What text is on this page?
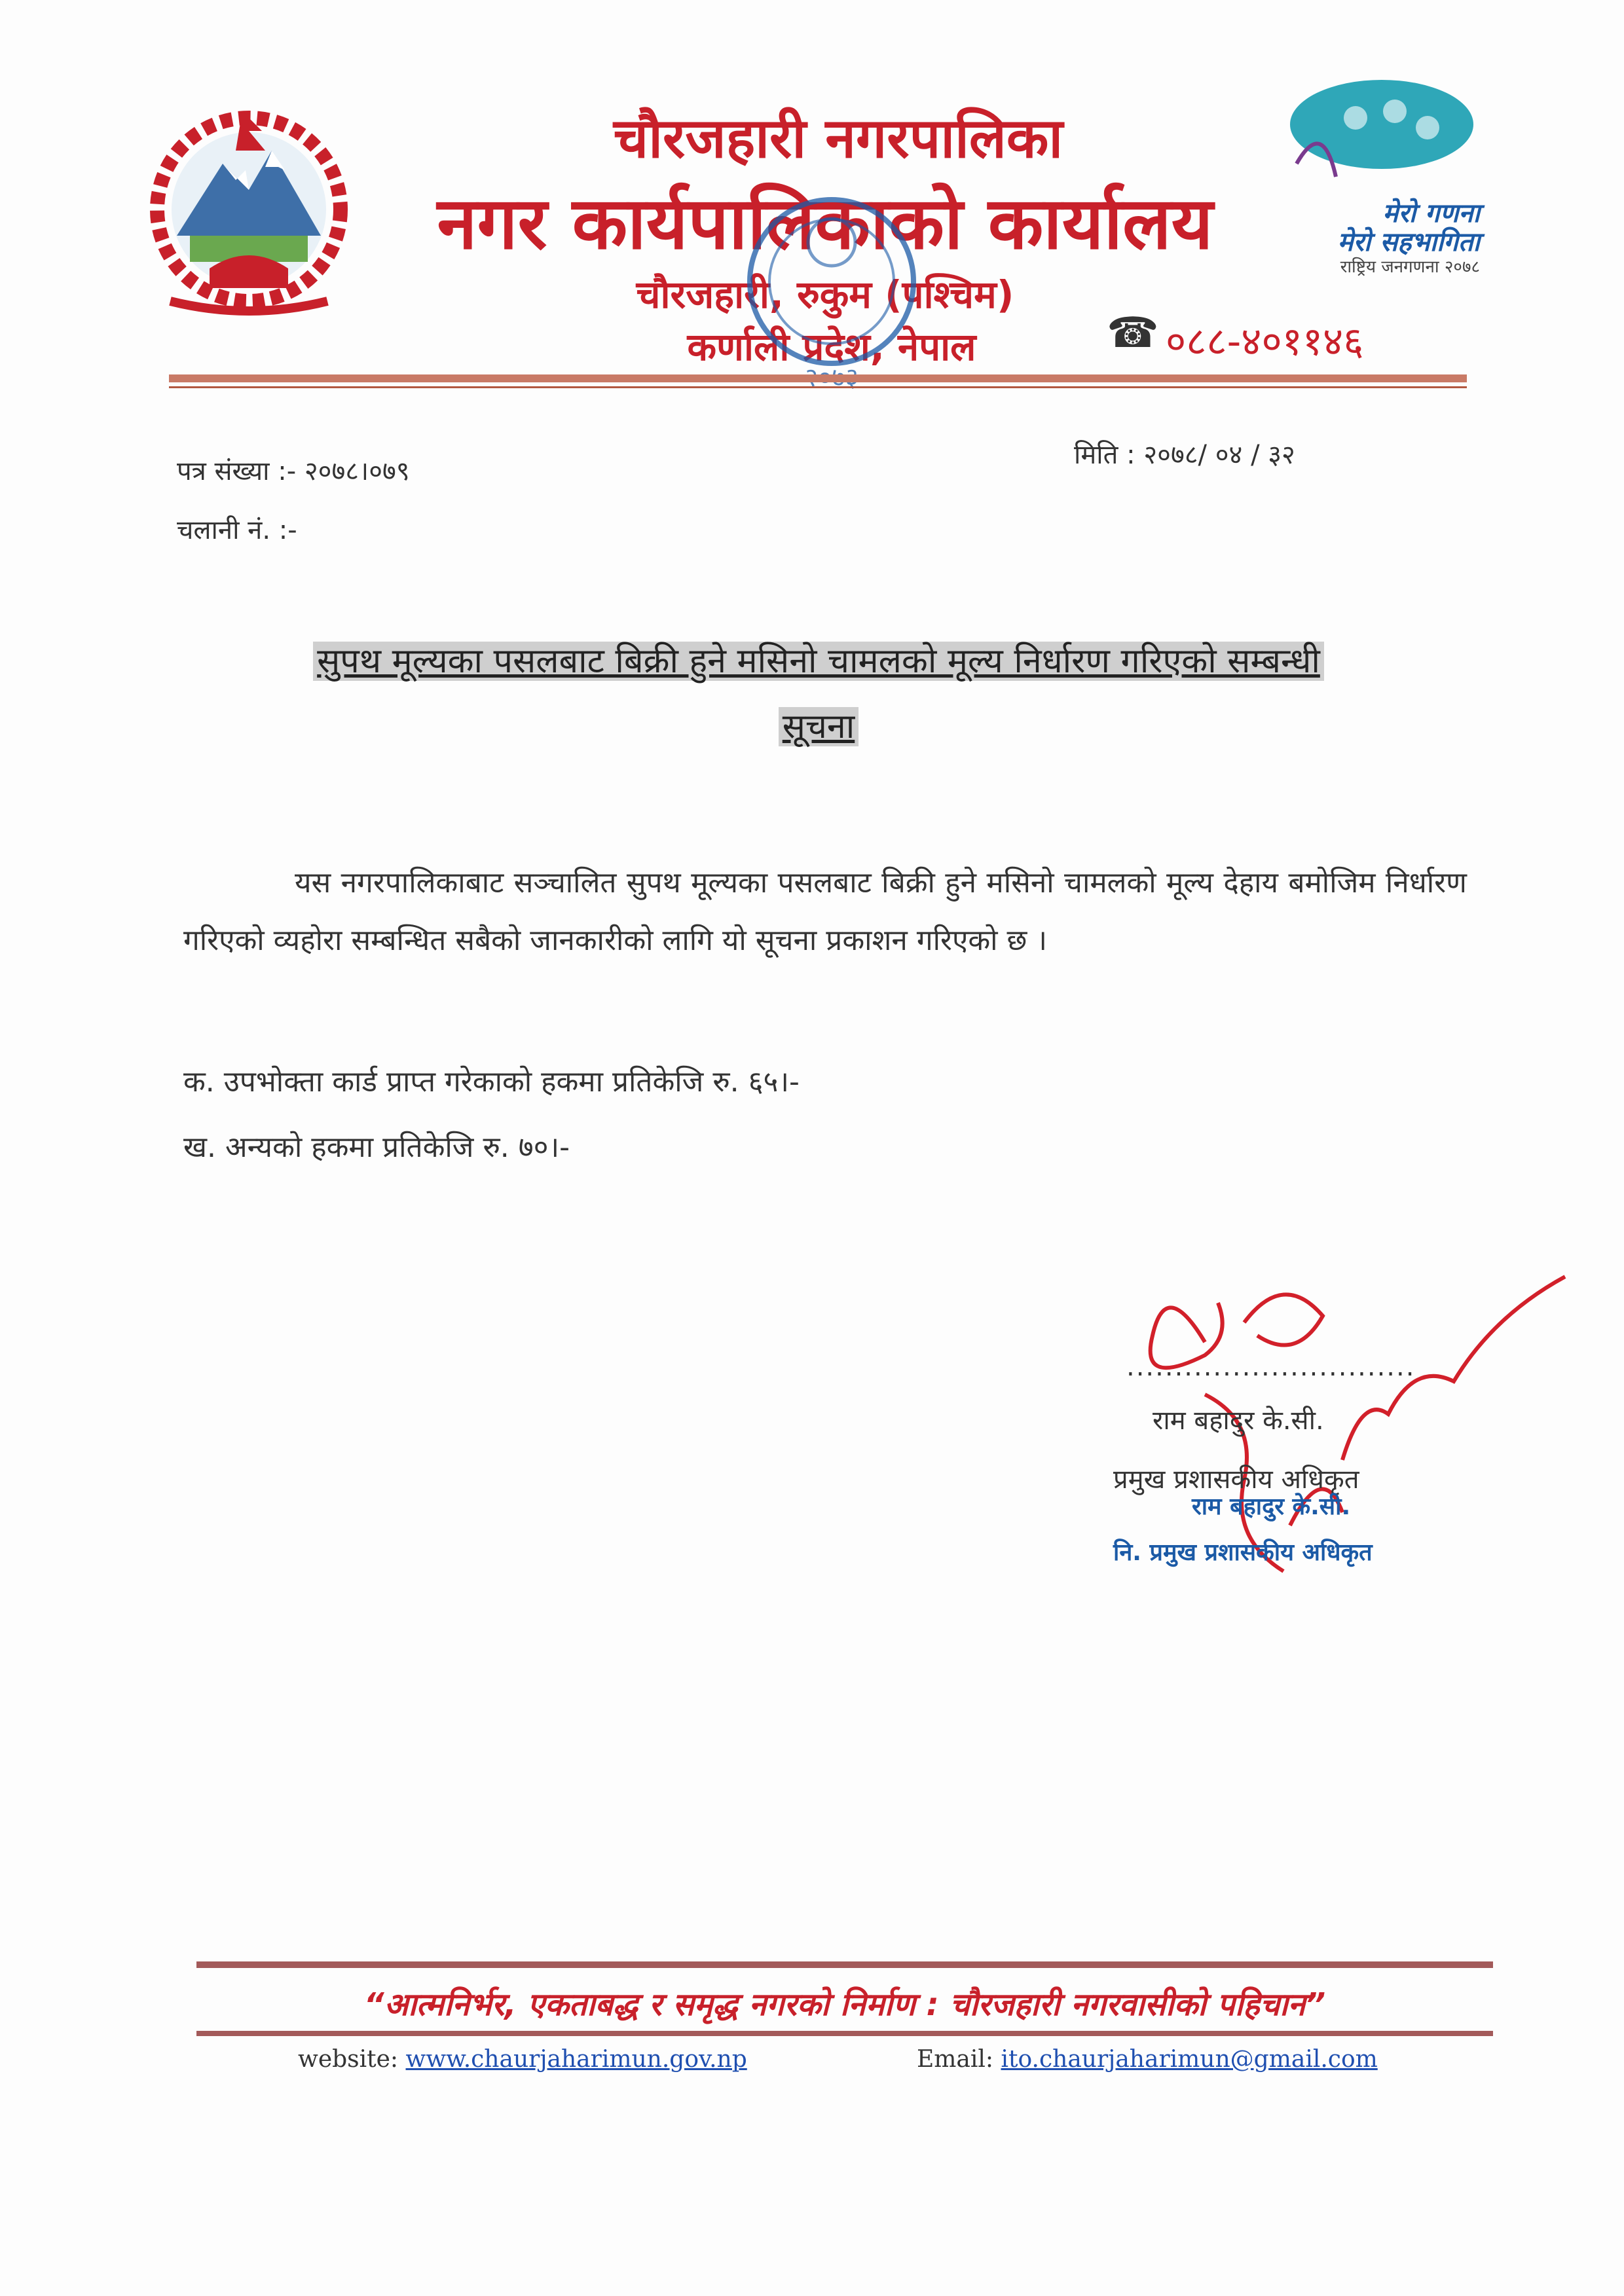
चौरजहारी नगरपालिका
नगर कार्यपालिकाको कार्यालय
चौरजहारी, रुकुम (पश्चिम)
कर्णाली प्रदेश, नेपाल
मेरो गणना
मेरो सहभागिता
राष्ट्रिय जनगणना २०७८
☎ ०८८-४०११४६
पत्र संख्या :- २०७८।०७९
चलानी नं. :-
मिति : २०७८/ ०४ / ३२
सुपथ मूल्यका पसलबाट बिक्री हुने मसिनो चामलको मूल्य निर्धारण गरिएको सम्बन्धी
सूचना
यस नगरपालिकाबाट सञ्चालित सुपथ मूल्यका पसलबाट बिक्री हुने मसिनो चामलको मूल्य देहाय बमोजिम निर्धारण गरिएको व्यहोरा सम्बन्धित सबैको जानकारीको लागि यो सूचना प्रकाशन गरिएको छ ।
क. उपभोक्ता कार्ड प्राप्त गरेकाको हकमा प्रतिकेजि रु. ६५।-
ख. अन्यको हकमा प्रतिकेजि रु. ७०।-
..............................
राम बहादुर के.सी.
प्रमुख प्रशासकीय अधिकृत
राम बहादुर के.सी.
नि. प्रमुख प्रशासकीय अधिकृत
“आत्मनिर्भर, एकताबद्ध र समृद्ध नगरको निर्माण : चौरजहारी नगरवासीको पहिचान”
website: www.chaurjaharimun.gov.np	Email: ito.chaurjaharimun@gmail.com
